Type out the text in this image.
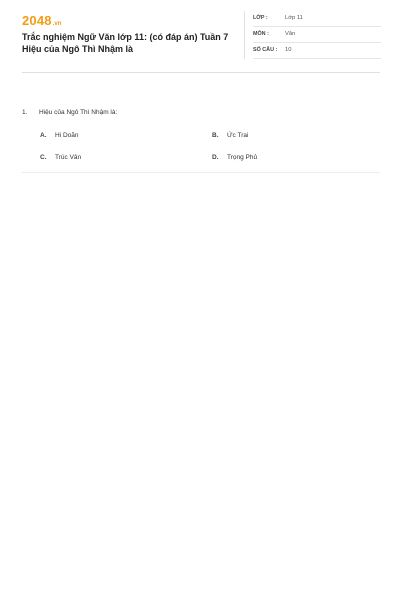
2048 .vn
Trắc nghiệm Ngữ Văn lớp 11: (có đáp án) Tuần 7 Hiệu của Ngô Thì Nhậm là
LỚP :	Lớp 11
MÔN :	Văn
SỐ CÂU : 10
1. Hiệu của Ngô Thì Nhậm là:
A.	Hi Doãn	B.	Ức Trai
C.	Trúc Vân	D.	Trọng Phủ
